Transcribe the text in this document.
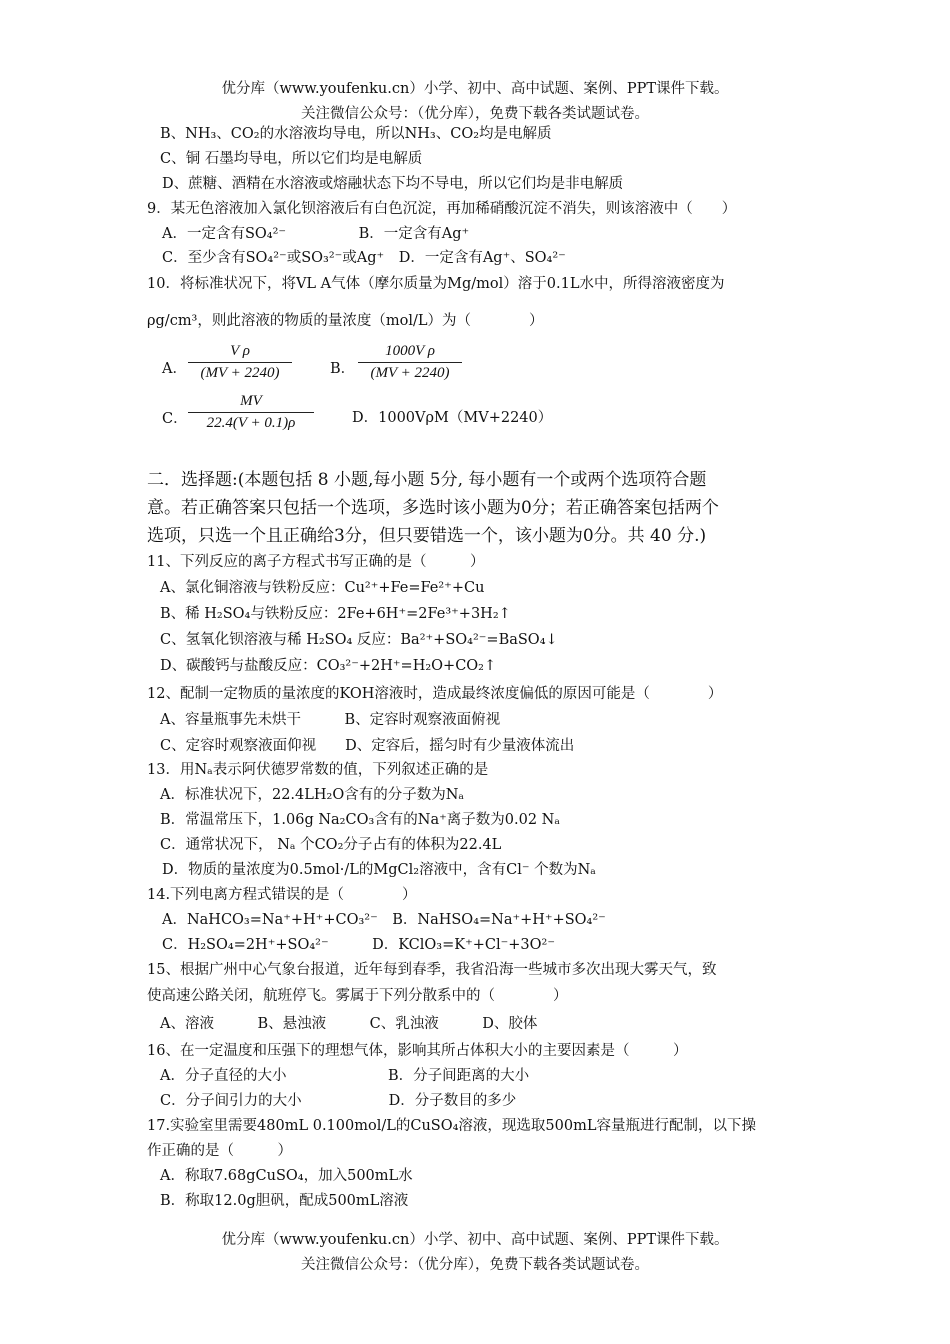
优分库（www.youfenku.cn）小学、初中、高中试题、案例、PPT课件下载。
关注微信公众号：（优分库），免费下载各类试题试卷。
B、NH₃、CO₂的水溶液均导电，所以NH₃、CO₂均是电解质
C、铜 石墨均导电，所以它们均是电解质
D、蔗糖、酒精在水溶液或熔融状态下均不导电，所以它们均是非电解质
9．某无色溶液加入氯化钡溶液后有白色沉淀，再加稀硝酸沉淀不消失，则该溶液中（　　）
A．一定含有SO₄²⁻　　　　　B．一定含有Ag⁺
C．至少含有SO₄²⁻或SO₃²⁻或Ag⁺　D．一定含有Ag⁺、SO₄²⁻
10．将标准状况下，将VL A气体（摩尔质量为Mg/mol）溶于0.1L水中，所得溶液密度为
ρg/cm³，则此溶液的物质的量浓度（mol/L）为（　　　　）
A．
V ρ
(MV + 2240)	B．
1000V ρ
(MV + 2240)
C．
MV
22.4(V + 0.1)ρ	D．1000VρM（MV+2240）
二．选择题:(本题包括 8 小题,每小题 5分, 每小题有一个或两个选项符合题
意。若正确答案只包括一个选项，多选时该小题为0分；若正确答案包括两个
选项，只选一个且正确给3分，但只要错选一个，该小题为0分。共 40 分.)
11、下列反应的离子方程式书写正确的是（　　　）
A、氯化铜溶液与铁粉反应：Cu²⁺+Fe=Fe²⁺+Cu
B、稀 H₂SO₄与铁粉反应：2Fe+6H⁺=2Fe³⁺+3H₂↑
C、氢氧化钡溶液与稀 H₂SO₄ 反应：Ba²⁺+SO₄²⁻=BaSO₄↓
D、碳酸钙与盐酸反应：CO₃²⁻+2H⁺=H₂O+CO₂↑
12、配制一定物质的量浓度的KOH溶液时，造成最终浓度偏低的原因可能是（　　　　）
A、容量瓶事先未烘干　　　B、定容时观察液面俯视
C、定容时观察液面仰视　　D、定容后，摇匀时有少量液体流出
13．用Nₐ表示阿伏德罗常数的值，下列叙述正确的是
A．标准状况下，22.4LH₂O含有的分子数为Nₐ
B．常温常压下，1.06g Na₂CO₃含有的Na⁺离子数为0.02 Nₐ
C．通常状况下， Nₐ 个CO₂分子占有的体积为22.4L
D．物质的量浓度为0.5mol·/L的MgCl₂溶液中，含有Cl⁻ 个数为Nₐ
14.下列电离方程式错误的是（　　　　）
A．NaHCO₃=Na⁺+H⁺+CO₃²⁻　B．NaHSO₄=Na⁺+H⁺+SO₄²⁻
C．H₂SO₄=2H⁺+SO₄²⁻　　　D．KClO₃=K⁺+Cl⁻+3O²⁻
15、根据广州中心气象台报道，近年每到春季，我省沿海一些城市多次出现大雾天气，致
使高速公路关闭，航班停飞。雾属于下列分散系中的（　　　　）
A、溶液　　　B、悬浊液　　　C、乳浊液　　　D、胶体
16、在一定温度和压强下的理想气体，影响其所占体积大小的主要因素是（　　　）
A．分子直径的大小　　　　　　　B．分子间距离的大小
C．分子间引力的大小　　　　　　D．分子数目的多少
17.实验室里需要480mL 0.100mol/L的CuSO₄溶液，现选取500mL容量瓶进行配制，以下操
作正确的是（　　　）
A．称取7.68gCuSO₄，加入500mL水
B．称取12.0g胆矾，配成500mL溶液
优分库（www.youfenku.cn）小学、初中、高中试题、案例、PPT课件下载。
关注微信公众号：（优分库），免费下载各类试题试卷。
